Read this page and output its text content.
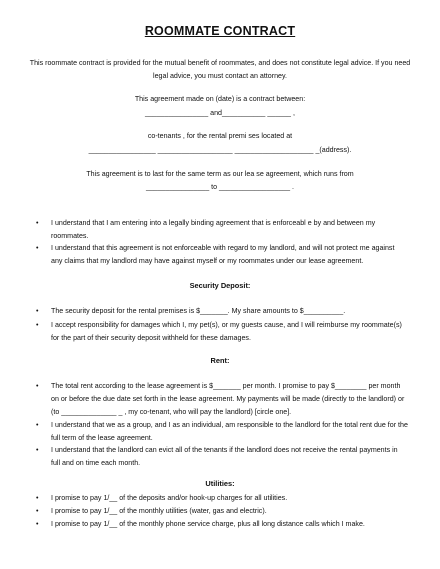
ROOMMATE CONTRACT
This roommate contract is provided for the mutual benefit of roommates, and does not constitute legal advice. If you need
legal advice, you must contact an attorney.
This agreement made on (date) is a contract between:
________________ and___________ ______ ,
co-tenants , for the rental premi ses located at
_________________ ___________________ ____________________ _(address).
This agreement is to last for the same term as our lea se agreement, which runs from
________________ to __________________ .
•	I understand that I am entering into a legally binding agreement that is enforceabl e by and between my
roommates.
•	I understand that this agreement is not enforceable with regard to my landlord, and will not protect me against
any claims that my landlord may have against myself or my roommates under our lease agreement.
Security Deposit:
•	The security deposit for the rental premises is $_______. My share amounts to $__________.
•	I accept responsibility for damages which I, my pet(s), or my guests cause, and I will reimburse my roommate(s)
for the part of their security deposit withheld for these damages.
Rent:
•	The total rent according to the lease agreement is $_______ per month. I promise to pay $________ per month
on or before the due date set forth in the lease agreement. My payments will be made (directly to the landlord) or
(to ______________ _ , my co-tenant, who will pay the landlord) [circle one].
•	I understand that we as a group, and I as an individual, am responsible to the landlord for the total rent due for the
full term of the lease agreement.
•	I understand that the landlord can evict all of the tenants if the landlord does not receive the rental payments in
full and on time each month.
Utilities:
•	I promise to pay 1/__ of the deposits and/or hook-up charges for all utilities.
•	I promise to pay 1/__ of the monthly utilities (water, gas and electric).
•	I promise to pay 1/__ of the monthly phone service charge, plus all long distance calls which I make.
